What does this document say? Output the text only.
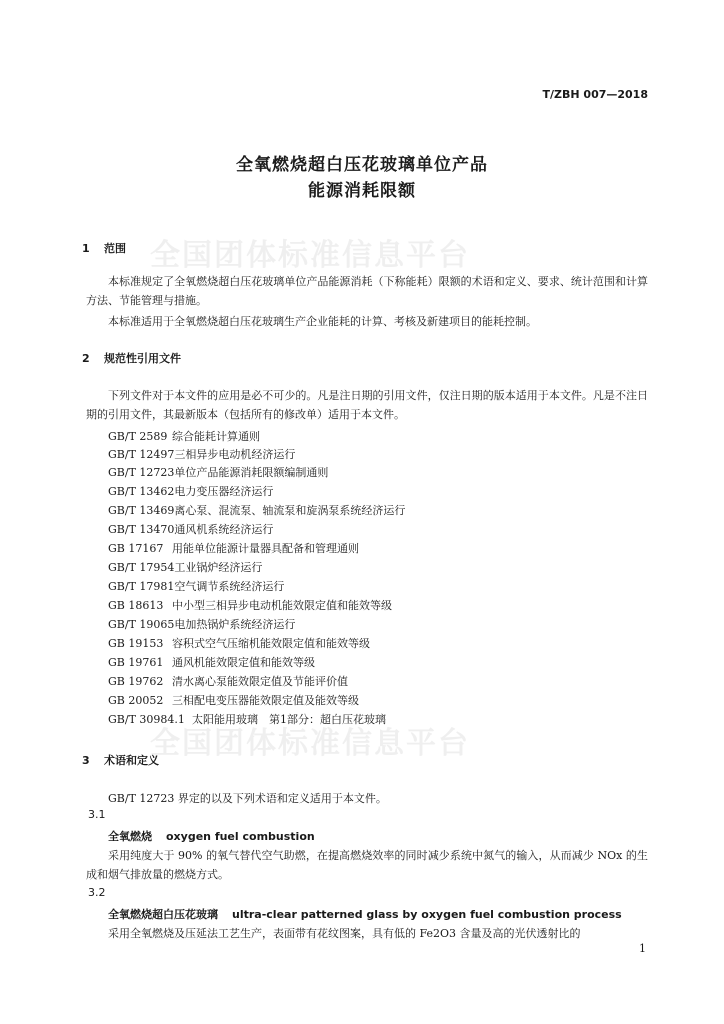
T/ZBH 007—2018
全氧燃烧超白压花玻璃单位产品
能源消耗限额
全国团体标准信息平台
全国团体标准信息平台
1 范围
本标准规定了全氧燃烧超白压花玻璃单位产品能源消耗（下称能耗）限额的术语和定义、要求、统计范围和计算方法、节能管理与措施。
本标准适用于全氧燃烧超白压花玻璃生产企业能耗的计算、考核及新建项目的能耗控制。
2 规范性引用文件
下列文件对于本文件的应用是必不可少的。凡是注日期的引用文件，仅注日期的版本适用于本文件。凡是不注日期的引用文件，其最新版本（包括所有的修改单）适用于本文件。
GB/T 2589 综合能耗计算通则
GB/T 12497三相异步电动机经济运行
GB/T 12723单位产品能源消耗限额编制通则
GB/T 13462电力变压器经济运行
GB/T 13469离心泵、混流泵、轴流泵和旋涡泵系统经济运行
GB/T 13470通风机系统经济运行
GB 17167 用能单位能源计量器具配备和管理通则
GB/T 17954工业锅炉经济运行
GB/T 17981空气调节系统经济运行
GB 18613 中小型三相异步电动机能效限定值和能效等级
GB/T 19065电加热锅炉系统经济运行
GB 19153 容积式空气压缩机能效限定值和能效等级
GB 19761 通风机能效限定值和能效等级
GB 19762 清水离心泵能效限定值及节能评价值
GB 20052 三相配电变压器能效限定值及能效等级
GB/T 30984.1 太阳能用玻璃　第1部分：超白压花玻璃
3 术语和定义
GB/T 12723 界定的以及下列术语和定义适用于本文件。
3.1
全氧燃烧 oxygen fuel combustion
采用纯度大于 90% 的氧气替代空气助燃，在提高燃烧效率的同时减少系统中氮气的输入，从而减少 NOx 的生成和烟气排放量的燃烧方式。
3.2
全氧燃烧超白压花玻璃 ultra-clear patterned glass by oxygen fuel combustion process
采用全氧燃烧及压延法工艺生产，表面带有花纹图案，具有低的 Fe2O3 含量及高的光伏透射比的
1
